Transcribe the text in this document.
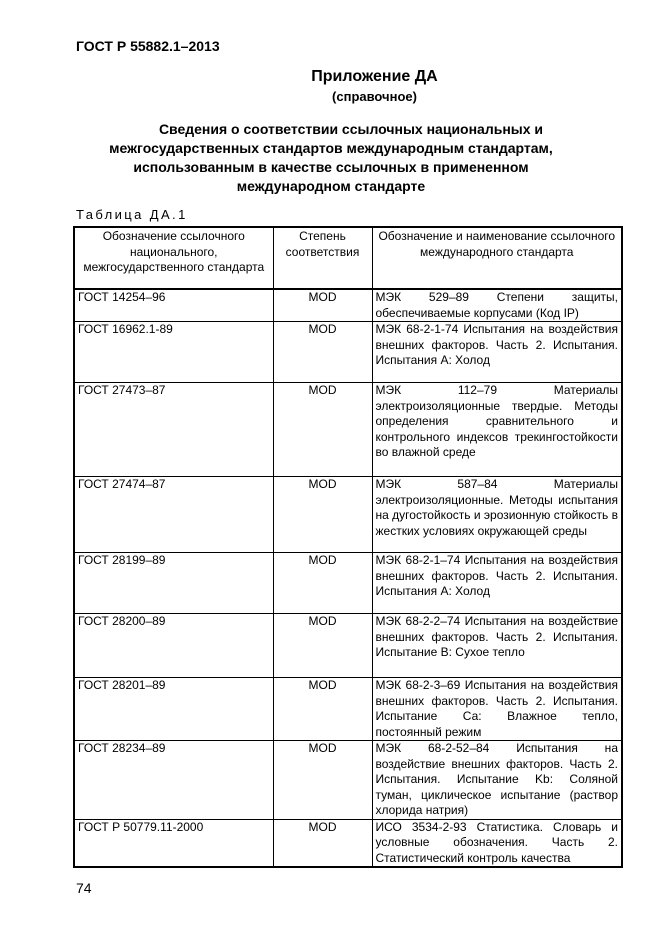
ГОСТ Р 55882.1–2013
Приложение ДА
(справочное)
Сведения о соответствии ссылочных национальных и
межгосударственных стандартов международным стандартам, использованным в качестве ссылочных в примененном международном стандарте
Таблица ДА.1
Обозначение ссылочного национального, межгосударственного стандарта	Степень соответствия	Обозначение и наименование ссылочного международного стандарта
ГОСТ 14254–96	MOD	МЭК 529–89 Степени защиты, обеспечиваемые корпусами (Код IP)
ГОСТ 16962.1-89	MOD	МЭК 68-2-1-74 Испытания на воздействия внешних факторов. Часть 2. Испытания. Испытания А: Холод
ГОСТ 27473–87	MOD	МЭК 112–79 Материалы электроизоляционные твердые. Методы определения сравнительного и контрольного индексов трекингостойкости во влажной среде
ГОСТ 27474–87	MOD	МЭК 587–84 Материалы электроизоляционные. Методы испытания на дугостойкость и эрозионную стойкость в жестких условиях окружающей среды
ГОСТ 28199–89	MOD	МЭК 68-2-1–74 Испытания на воздействия внешних факторов. Часть 2. Испытания. Испытания А: Холод
ГОСТ 28200–89	MOD	МЭК 68-2-2–74 Испытания на воздействие внешних факторов. Часть 2. Испытания. Испытание В: Сухое тепло
ГОСТ 28201–89	MOD	МЭК 68-2-3–69 Испытания на воздействия внешних факторов. Часть 2. Испытания. Испытание Са: Влажное тепло, постоянный режим
ГОСТ 28234–89	MOD	МЭК 68-2-52–84 Испытания на воздействие внешних факторов. Часть 2. Испытания. Испытание Kb: Соляной туман, циклическое испытание (раствор хлорида натрия)
ГОСТ Р 50779.11-2000	MOD	ИСО 3534-2-93 Статистика. Словарь и условные обозначения. Часть 2. Статистический контроль качества
74
